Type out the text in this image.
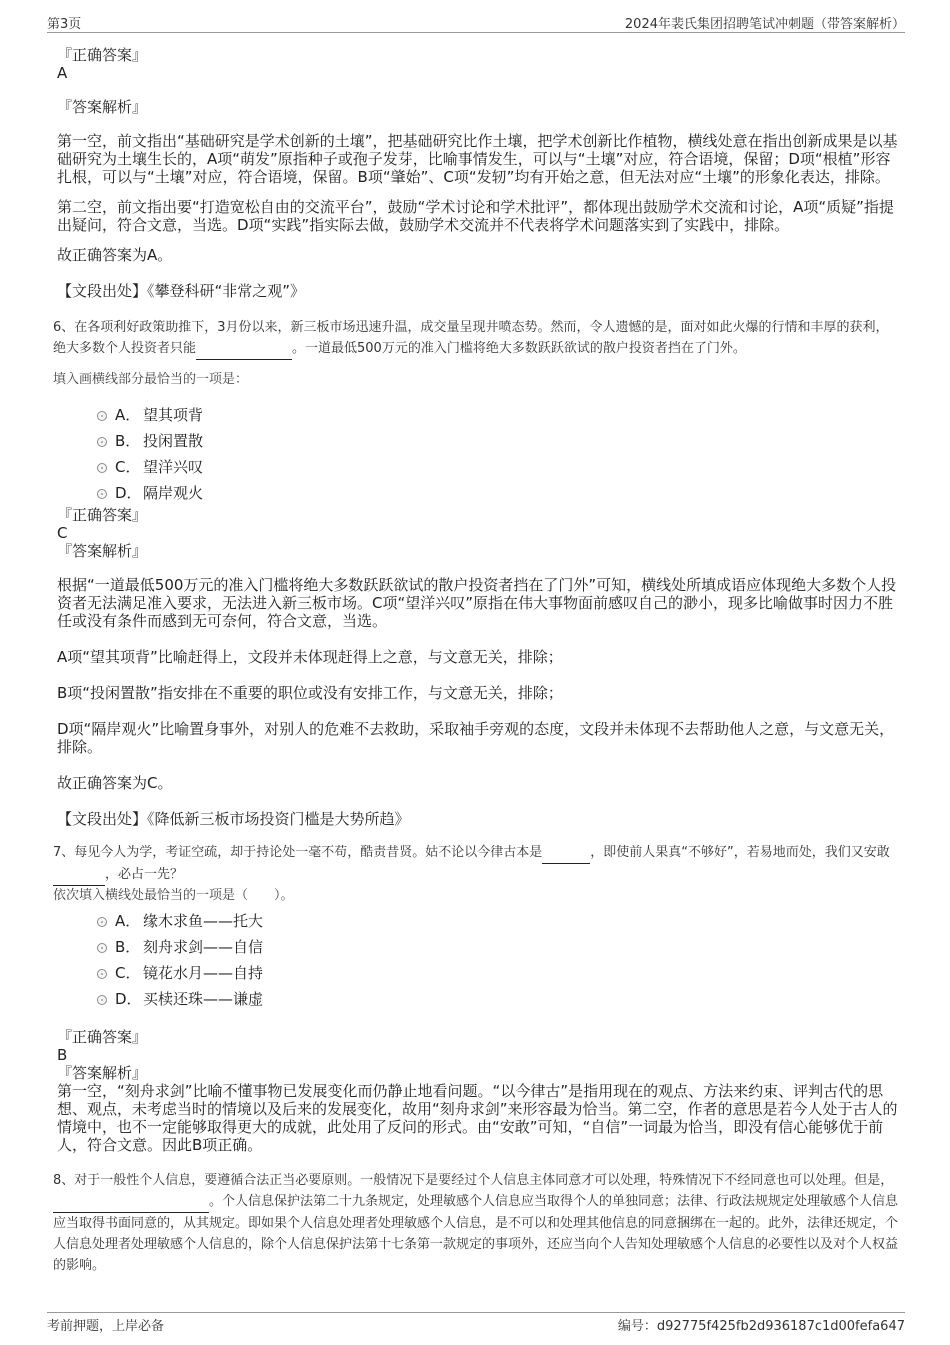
第3页	2024年裴氏集团招聘笔试冲刺题（带答案解析）
『正确答案』
A
『答案解析』

第一空，前文指出“基础研究是学术创新的土壤”，把基础研究比作土壤，把学术创新比作植物，横线处意在指出创新成果是以基础研究为土壤生长的，A项“萌发”原指种子或孢子发芽，比喻事情发生，可以与“土壤”对应，符合语境，保留；D项“根植”形容扎根，可以与“土壤”对应，符合语境，保留。B项“肇始”、C项“发轫”均有开始之意，但无法对应“土壤”的形象化表达，排除。

第二空，前文指出要“打造宽松自由的交流平台”，鼓励“学术讨论和学术批评”，都体现出鼓励学术交流和讨论，A项“质疑”指提出疑问，符合文意，当选。D项“实践”指实际去做，鼓励学术交流并不代表将学术问题落实到了实践中，排除。

故正确答案为A。

【文段出处】《攀登科研“非常之观”》

6、在各项利好政策助推下，3月份以来，新三板市场迅速升温，成交量呈现井喷态势。然而，令人遗憾的是，面对如此火爆的行情和丰厚的获利，绝大多数个人投资者只能	。一道最低500万元的准入门槛将绝大多数跃跃欲试的散户投资者挡在了门外。

填入画横线部分最恰当的一项是：

A． 望其项背
B． 投闲置散
C． 望洋兴叹
D．隔岸观火
『正确答案』
C
『答案解析』

根据“一道最低500万元的准入门槛将绝大多数跃跃欲试的散户投资者挡在了门外”可知，横线处所填成语应体现绝大多数个人投资者无法满足准入要求，无法进入新三板市场。C项“望洋兴叹”原指在伟大事物面前感叹自己的渺小，现多比喻做事时因力不胜任或没有条件而感到无可奈何，符合文意，当选。

A项“望其项背”比喻赶得上，文段并未体现赶得上之意，与文意无关，排除；

B项“投闲置散”指安排在不重要的职位或没有安排工作，与文意无关，排除；

D项“隔岸观火”比喻置身事外，对别人的危难不去救助，采取袖手旁观的态度，文段并未体现不去帮助他人之意，与文意无关，排除。

故正确答案为C。

【文段出处】《降低新三板市场投资门槛是大势所趋》

7、每见今人为学，考证空疏，却于持论处一毫不苟，酷责昔贤。姑不论以今律古本是	，即使前人果真“不够好”，若易地而处，我们又安敢 ，必占一先？

依次填入横线处最恰当的一项是（　　）。

A． 缘木求鱼——托大
B． 刻舟求剑——自信
C． 镜花水月——自持
D．买椟还珠——谦虚
『正确答案』
B
『答案解析』

第一空，“刻舟求剑”比喻不懂事物已发展变化而仍静止地看问题。“以今律古”是指用现在的观点、方法来约束、评判古代的思想、观点，未考虑当时的情境以及后来的发展变化，故用“刻舟求剑”来形容最为恰当。第二空，作者的意思是若今人处于古人的情境中，也不一定能够取得更大的成就，此处用了反问的形式。由“安敢”可知，“自信”一词最为恰当，即没有信心能够优于前人，符合文意。因此B项正确。

8、对于一般性个人信息，要遵循合法正当必要原则。一般情况下是要经过个人信息主体同意才可以处理，特殊情况下不经同意也可以处理。但是， 。个人信息保护法第二十九条规定，处理敏感个人信息应当取得个人的单独同意；法律、行政法规规定处理敏感个人信息应当取得书面同意的，从其规定。即如果个人信息处理者处理敏感个人信息，是不可以和处理其他信息的同意捆绑在一起的。此外，法律还规定，个人信息处理者处理敏感个人信息的，除个人信息保护法第十七条第一款规定的事项外，还应当向个人告知处理敏感个人信息的必要性以及对个人权益的影响。

考前押题，上岸必备	编号：d92775f425fb2d936187c1d00fefa647
